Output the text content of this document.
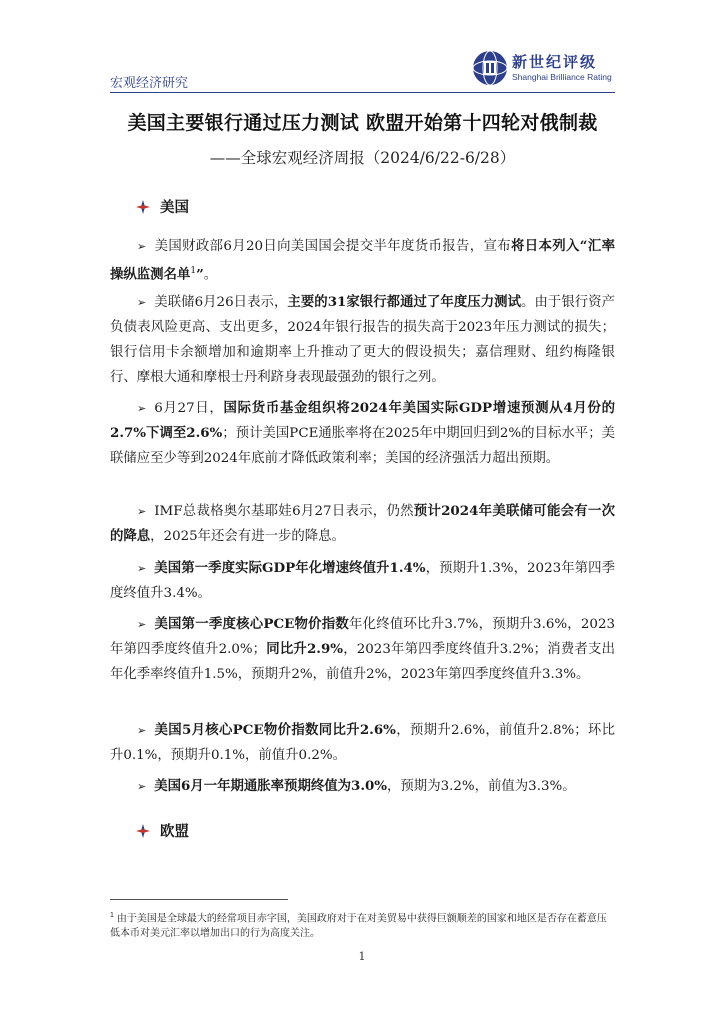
宏观经济研究
新世纪评级
Shanghai Brilliance Rating
美国主要银行通过压力测试 欧盟开始第十四轮对俄制裁
——全球宏观经济周报（2024/6/22-6/28）
美国

➢ 美国财政部6月20日向美国国会提交半年度货币报告，宣布将日本列入“汇率操纵监测名单$^1$”。

➢ 美联储6月26日表示，主要的31家银行都通过了年度压力测试。由于银行资产负债表风险更高、支出更多，2024年银行报告的损失高于2023年压力测试的损失；银行信用卡余额增加和逾期率上升推动了更大的假设损失；嘉信理财、纽约梅隆银行、摩根大通和摩根士丹利跻身表现最强劲的银行之列。

➢ 6月27日，国际货币基金组织将2024年美国实际GDP增速预测从4月份的2.7%下调至2.6%；预计美国PCE通胀率将在2025年中期回归到2%的目标水平；美联储应至少等到2024年底前才降低政策利率；美国的经济强活力超出预期。

➢ IMF总裁格奥尔基耶娃6月27日表示，仍然预计2024年美联储可能会有一次的降息，2025年还会有进一步的降息。

➢ 美国第一季度实际GDP年化增速终值升1.4%，预期升1.3%，2023年第四季度终值升3.4%。

➢ 美国第一季度核心PCE物价指数年化终值环比升3.7%，预期升3.6%，2023年第四季度终值升2.0%；同比升2.9%，2023年第四季度终值升3.2%；消费者支出年化季率终值升1.5%，预期升2%，前值升2%，2023年第四季度终值升3.3%。

➢ 美国5月核心PCE物价指数同比升2.6%，预期升2.6%，前值升2.8%；环比升0.1%，预期升0.1%，前值升0.2%。

➢ 美国6月一年期通胀率预期终值为3.0%，预期为3.2%，前值为3.3%。

欧盟

$^1$ 由于美国是全球最大的经常项目赤字国，美国政府对于在对美贸易中获得巨额顺差的国家和地区是否存在蓄意压低本币对美元汇率以增加出口的行为高度关注。

1
